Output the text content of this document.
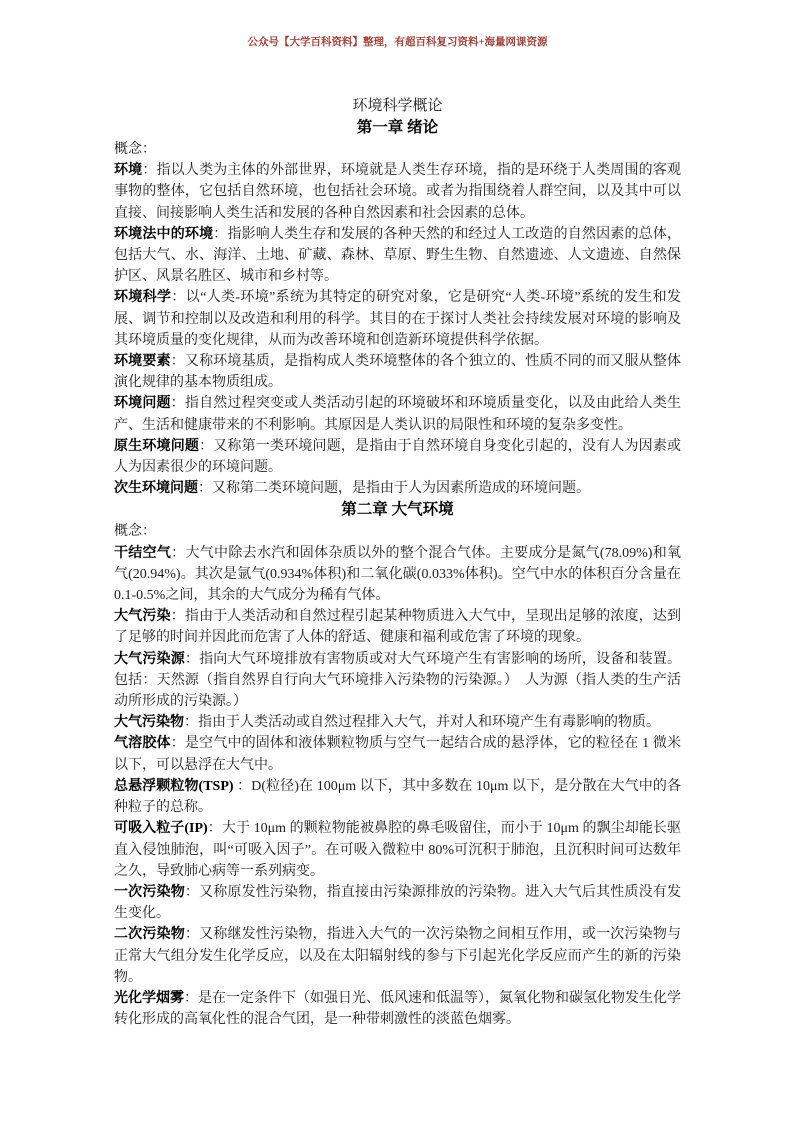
公众号【大学百科资料】整理，有超百科复习资料+海量网课资源
环境科学概论
第一章 绪论

概念：

环境：指以人类为主体的外部世界，环境就是人类生存环境，指的是环绕于人类周围的客观事物的整体，它包括自然环境，也包括社会环境。或者为指围绕着人群空间，以及其中可以直接、间接影响人类生活和发展的各种自然因素和社会因素的总体。

环境法中的环境：指影响人类生存和发展的各种天然的和经过人工改造的自然因素的总体，包括大气、水、海洋、土地、矿藏、森林、草原、野生生物、自然遗迹、人文遗迹、自然保护区、风景名胜区、城市和乡村等。

环境科学：以“人类-环境”系统为其特定的研究对象，它是研究“人类-环境”系统的发生和发展、调节和控制以及改造和利用的科学。其目的在于探讨人类社会持续发展对环境的影响及其环境质量的变化规律，从而为改善环境和创造新环境提供科学依据。

环境要素：又称环境基质，是指构成人类环境整体的各个独立的、性质不同的而又服从整体演化规律的基本物质组成。

环境问题：指自然过程突变或人类活动引起的环境破坏和环境质量变化，以及由此给人类生产、生活和健康带来的不利影响。其原因是人类认识的局限性和环境的复杂多变性。

原生环境问题：又称第一类环境问题，是指由于自然环境自身变化引起的，没有人为因素或人为因素很少的环境问题。

次生环境问题：又称第二类环境问题，是指由于人为因素所造成的环境问题。

第二章 大气环境

概念：

干结空气：大气中除去水汽和固体杂质以外的整个混合气体。主要成分是氮气(78.09%)和氧气(20.94%)。其次是氩气(0.934%体积)和二氧化碳(0.033%体积)。空气中水的体积百分含量在 0.1-0.5%之间，其余的大气成分为稀有气体。

大气污染：指由于人类活动和自然过程引起某种物质进入大气中，呈现出足够的浓度，达到了足够的时间并因此而危害了人体的舒适、健康和福利或危害了环境的现象。

大气污染源：指向大气环境排放有害物质或对大气环境产生有害影响的场所，设备和装置。包括：天然源（指自然界自行向大气环境排入污染物的污染源。）　人为源（指人类的生产活动所形成的污染源。）

大气污染物：指由于人类活动或自然过程排入大气，并对人和环境产生有毒影响的物质。

气溶胶体：是空气中的固体和液体颗粒物质与空气一起结合成的悬浮体，它的粒径在 1 微米以下，可以悬浮在大气中。

总悬浮颗粒物(TSP) ：D(粒径)在 100μm 以下，其中多数在 10μm 以下，是分散在大气中的各种粒子的总称。

可吸入粒子(IP)：大于 10μm 的颗粒物能被鼻腔的鼻毛吸留住，而小于 10μm 的飘尘却能长驱直入侵蚀肺泡，叫“可吸入因子”。在可吸入微粒中 80%可沉积于肺泡，且沉积时间可达数年之久，导致肺心病等一系列病变。

一次污染物：又称原发性污染物，指直接由污染源排放的污染物。进入大气后其性质没有发生变化。

二次污染物：又称继发性污染物，指进入大气的一次污染物之间相互作用，或一次污染物与正常大气组分发生化学反应，以及在太阳辐射线的参与下引起光化学反应而产生的新的污染物。

光化学烟雾：是在一定条件下（如强日光、低风速和低温等），氮氧化物和碳氢化物发生化学转化形成的高氧化性的混合气团，是一种带刺激性的淡蓝色烟雾。
